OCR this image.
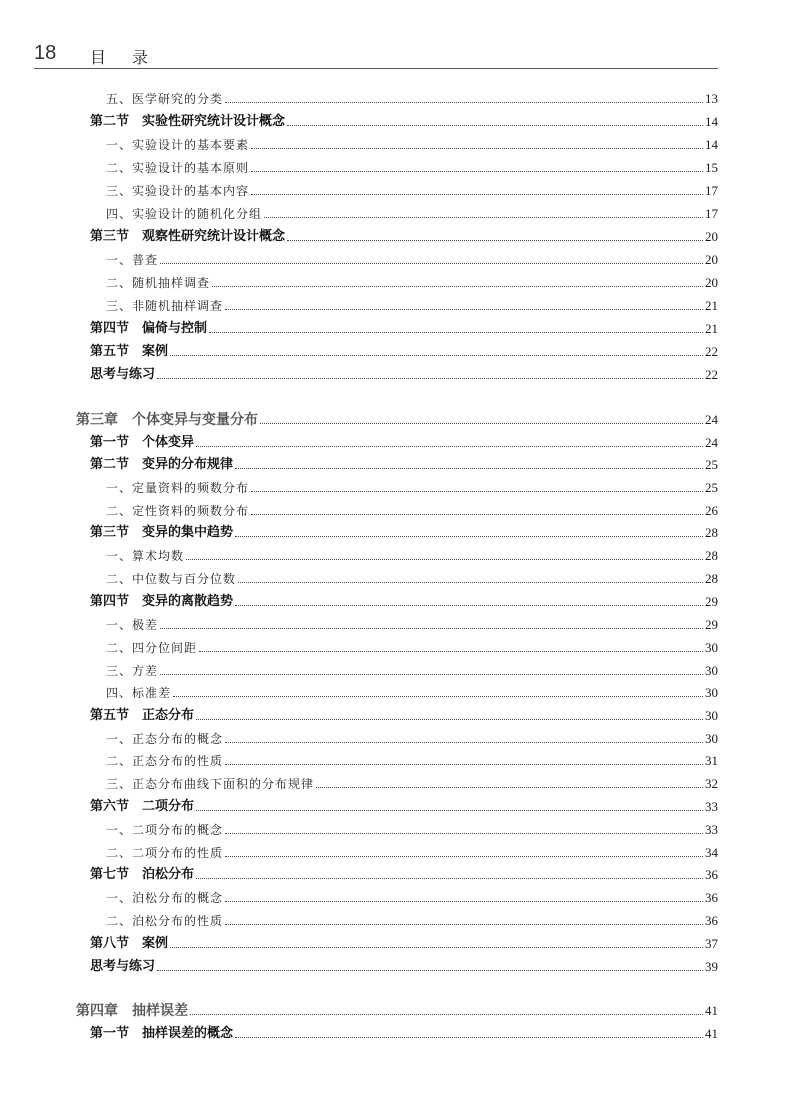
18 目录
五、医学研究的分类	13
第二节　实验性研究统计设计概念	14
一、实验设计的基本要素	14
二、实验设计的基本原则	15
三、实验设计的基本内容	17
四、实验设计的随机化分组	17
第三节　观察性研究统计设计概念	20
一、普查	20
二、随机抽样调查	20
三、非随机抽样调查	21
第四节　偏倚与控制	21
第五节　案例	22
思考与练习	22
第三章　个体变异与变量分布	24
第一节　个体变异	24
第二节　变异的分布规律	25
一、定量资料的频数分布	25
二、定性资料的频数分布	26
第三节　变异的集中趋势	28
一、算术均数	28
二、中位数与百分位数	28
第四节　变异的离散趋势	29
一、极差	29
二、四分位间距	30
三、方差	30
四、标准差	30
第五节　正态分布	30
一、正态分布的概念	30
二、正态分布的性质	31
三、正态分布曲线下面积的分布规律	32
第六节　二项分布	33
一、二项分布的概念	33
二、二项分布的性质	34
第七节　泊松分布	36
一、泊松分布的概念	36
二、泊松分布的性质	36
第八节　案例	37
思考与练习	39
第四章　抽样误差	41
第一节　抽样误差的概念	41
